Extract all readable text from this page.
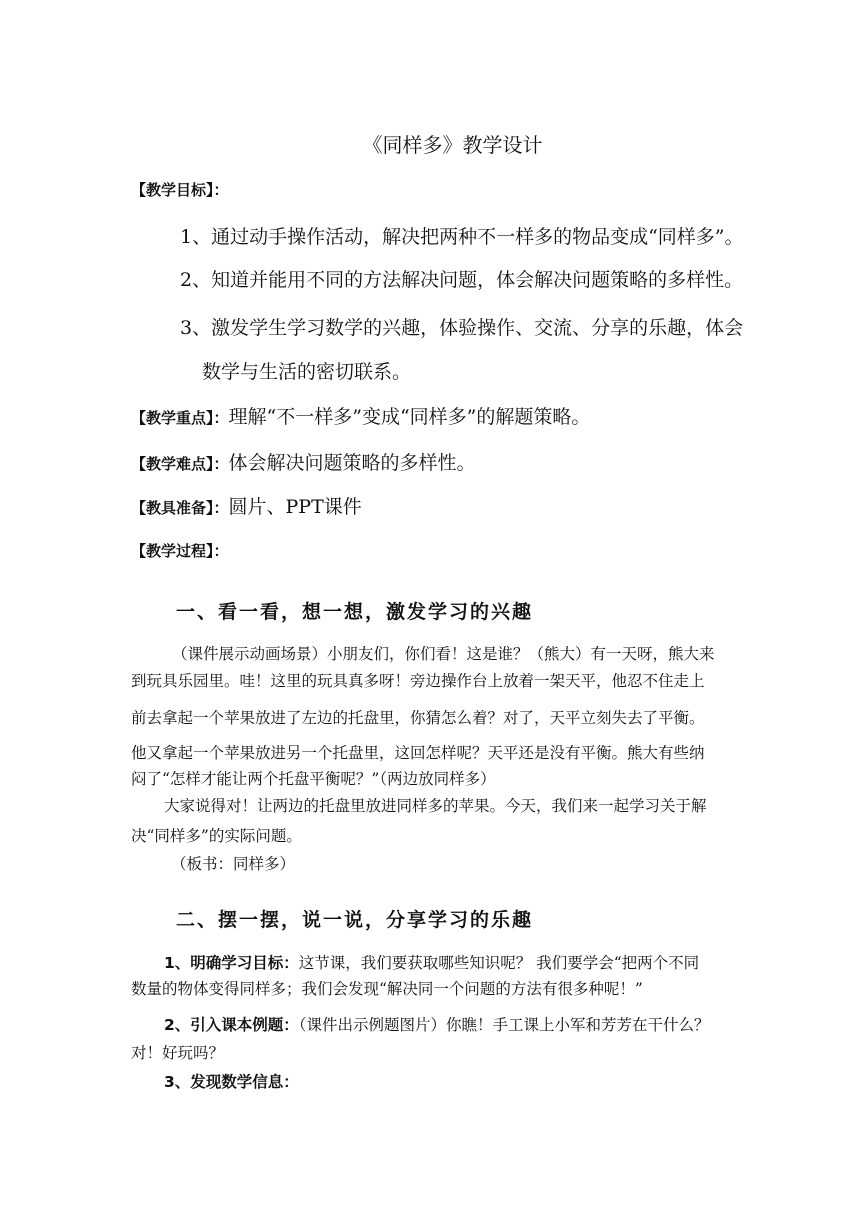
《同样多》教学设计
【教学目标】：
1、通过动手操作活动，解决把两种不一样多的物品变成“同样多”。
2、知道并能用不同的方法解决问题，体会解决问题策略的多样性。
3、激发学生学习数学的兴趣，体验操作、交流、分享的乐趣，体会
数学与生活的密切联系。
【教学重点】：理解“不一样多”变成“同样多”的解题策略。
【教学难点】：体会解决问题策略的多样性。
【教具准备】：圆片、PPT课件
【教学过程】：
一、看一看，想一想，激发学习的兴趣
（课件展示动画场景）小朋友们，你们看！这是谁？（熊大）有一天呀，熊大来
到玩具乐园里。哇！这里的玩具真多呀！旁边操作台上放着一架天平，他忍不住走上
前去拿起一个苹果放进了左边的托盘里，你猜怎么着？对了，天平立刻失去了平衡。
他又拿起一个苹果放进另一个托盘里，这回怎样呢？天平还是没有平衡。熊大有些纳
闷了“怎样才能让两个托盘平衡呢？”（两边放同样多）
大家说得对！让两边的托盘里放进同样多的苹果。今天，我们来一起学习关于解
决“同样多”的实际问题。
（板书：同样多）
二、摆一摆，说一说，分享学习的乐趣
1、明确学习目标：这节课，我们要获取哪些知识呢？ 我们要学会“把两个不同
数量的物体变得同样多；我们会发现“解决同一个问题的方法有很多种呢！”
2、引入课本例题：（课件出示例题图片）你瞧！手工课上小军和芳芳在干什么？
对！好玩吗？
3、发现数学信息：
